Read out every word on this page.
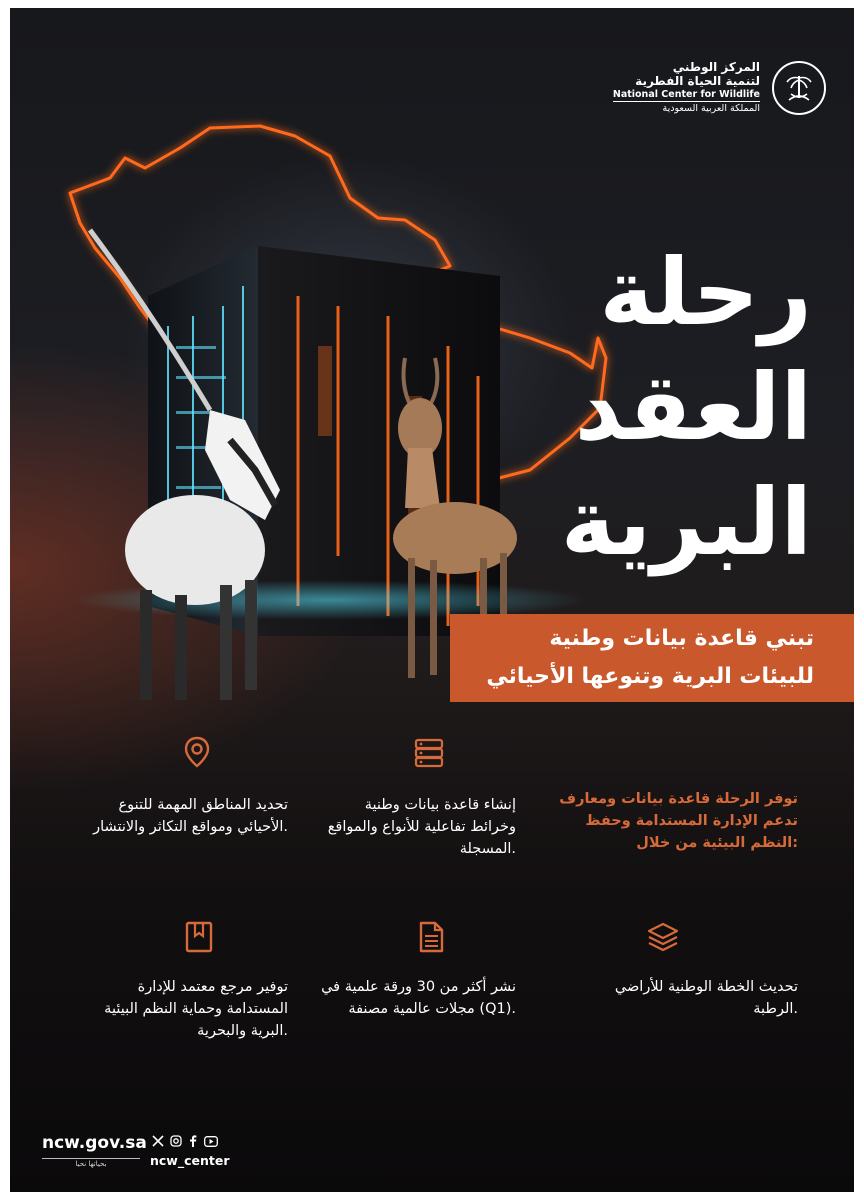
المركز الوطني
لتنمية الحياة الفطرية
National Center for Wildlife
المملكة العربية السعودية
رحلة
العقد
البرية
تبني قاعدة بيانات وطنية
للبيئات البرية وتنوعها الأحيائي
توفر الرحلة قاعدة بيانات ومعارف تدعم الإدارة المستدامة وحفظ النظم البيئية من خلال:
تحديد المناطق المهمة للتنوع الأحيائي ومواقع التكاثر والانتشار.
إنشاء قاعدة بيانات وطنية وخرائط تفاعلية للأنواع والمواقع المسجلة.
توفير مرجع معتمد للإدارة المستدامة وحماية النظم البيئية البرية والبحرية.
نشر أكثر من 30 ورقة علمية في مجلات عالمية مصنفة (Q1).
تحديث الخطة الوطنية للأراضي الرطبة.
ncw.gov.sa
بحياتها نحيا	ncw_center
